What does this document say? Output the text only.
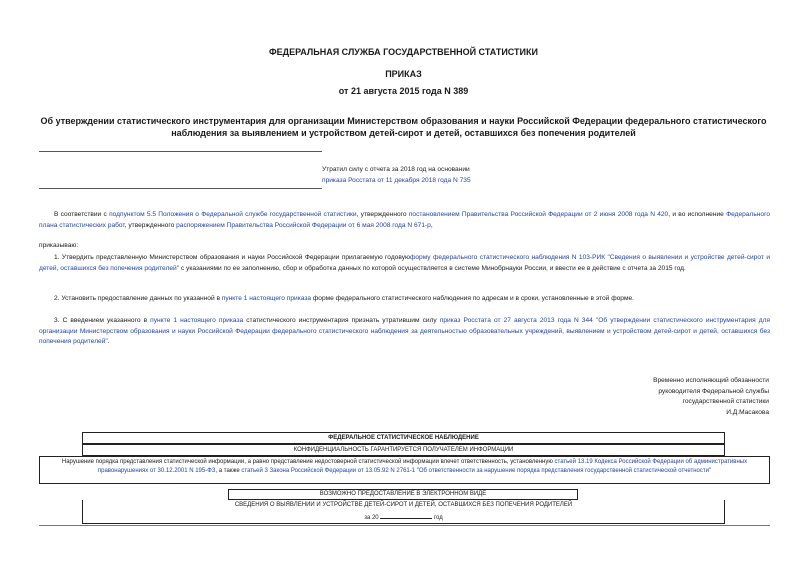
ФЕДЕРАЛЬНАЯ СЛУЖБА ГОСУДАРСТВЕННОЙ СТАТИСТИКИ
ПРИКАЗ
от 21 августа 2015 года N 389
Об утверждении статистического инструментария для организации Министерством образования и науки Российской Федерации федерального статистического наблюдения за выявлением и устройством детей-сирот и детей, оставшихся без попечения родителей
Утратил силу с отчета за 2018 год на основании
приказа Росстата от 11 декабря 2018 года N 735
В соответствии с подпунктом 5.5 Положения о Федеральной службе государственной статистики, утвержденного постановлением Правительства Российской Федерации от 2 июня 2008 года N 420, и во исполнение Федерального плана статистических работ, утвержденного распоряжением Правительства Российской Федерации от 6 мая 2008 года N 671-р,
приказываю:
1. Утвердить представленную Министерством образования и науки Российской Федерации прилагаемую годовуюформу федерального статистического наблюдения N 103-РИК "Сведения о выявлении и устройстве детей-сирот и детей, оставшихся без попечения родителей" с указаниями по ее заполнению, сбор и обработка данных по которой осуществляется в системе Минобрнауки России, и ввести ее в действие с отчета за 2015 год.
2. Установить предоставление данных по указанной в пункте 1 настоящего приказа форме федерального статистического наблюдения по адресам и в сроки, установленные в этой форме.
3. С введением указанного в пункте 1 настоящего приказа статистического инструментария признать утратившим силу приказ Росстата от 27 августа 2013 года N 344 "Об утверждении статистического инструментария для организации Министерством образования и науки Российской Федерации федерального статистического наблюдения за деятельностью образовательных учреждений, выявлением и устройством детей-сирот и детей, оставшихся без попечения родителей".
Временно исполняющий обязанности
руководителя Федеральной службы
государственной статистики
И.Д.Масакова
ФЕДЕРАЛЬНОЕ СТАТИСТИЧЕСКОЕ НАБЛЮДЕНИЕ
КОНФИДЕНЦИАЛЬНОСТЬ ГАРАНТИРУЕТСЯ ПОЛУЧАТЕЛЕМ ИНФОРМАЦИИ
Нарушение порядка представления статистической информации, а равно представление недостоверной статистической информации влечет ответственность, установленную статьей 13.19 Кодекса Российской Федерации об административных правонарушениях от 30.12.2001 N 195-ФЗ, а также статьей 3 Закона Российской Федерации от 13.05.92 N 2761-1 "Об ответственности за нарушение порядка представления государственной статистической отчетности"
ВОЗМОЖНО ПРЕДОСТАВЛЕНИЕ В ЭЛЕКТРОННОМ ВИДЕ
СВЕДЕНИЯ О ВЫЯВЛЕНИИ И УСТРОЙСТВЕ ДЕТЕЙ-СИРОТ И ДЕТЕЙ, ОСТАВШИХСЯ БЕЗ ПОПЕЧЕНИЯ РОДИТЕЛЕЙ
за 20	год
